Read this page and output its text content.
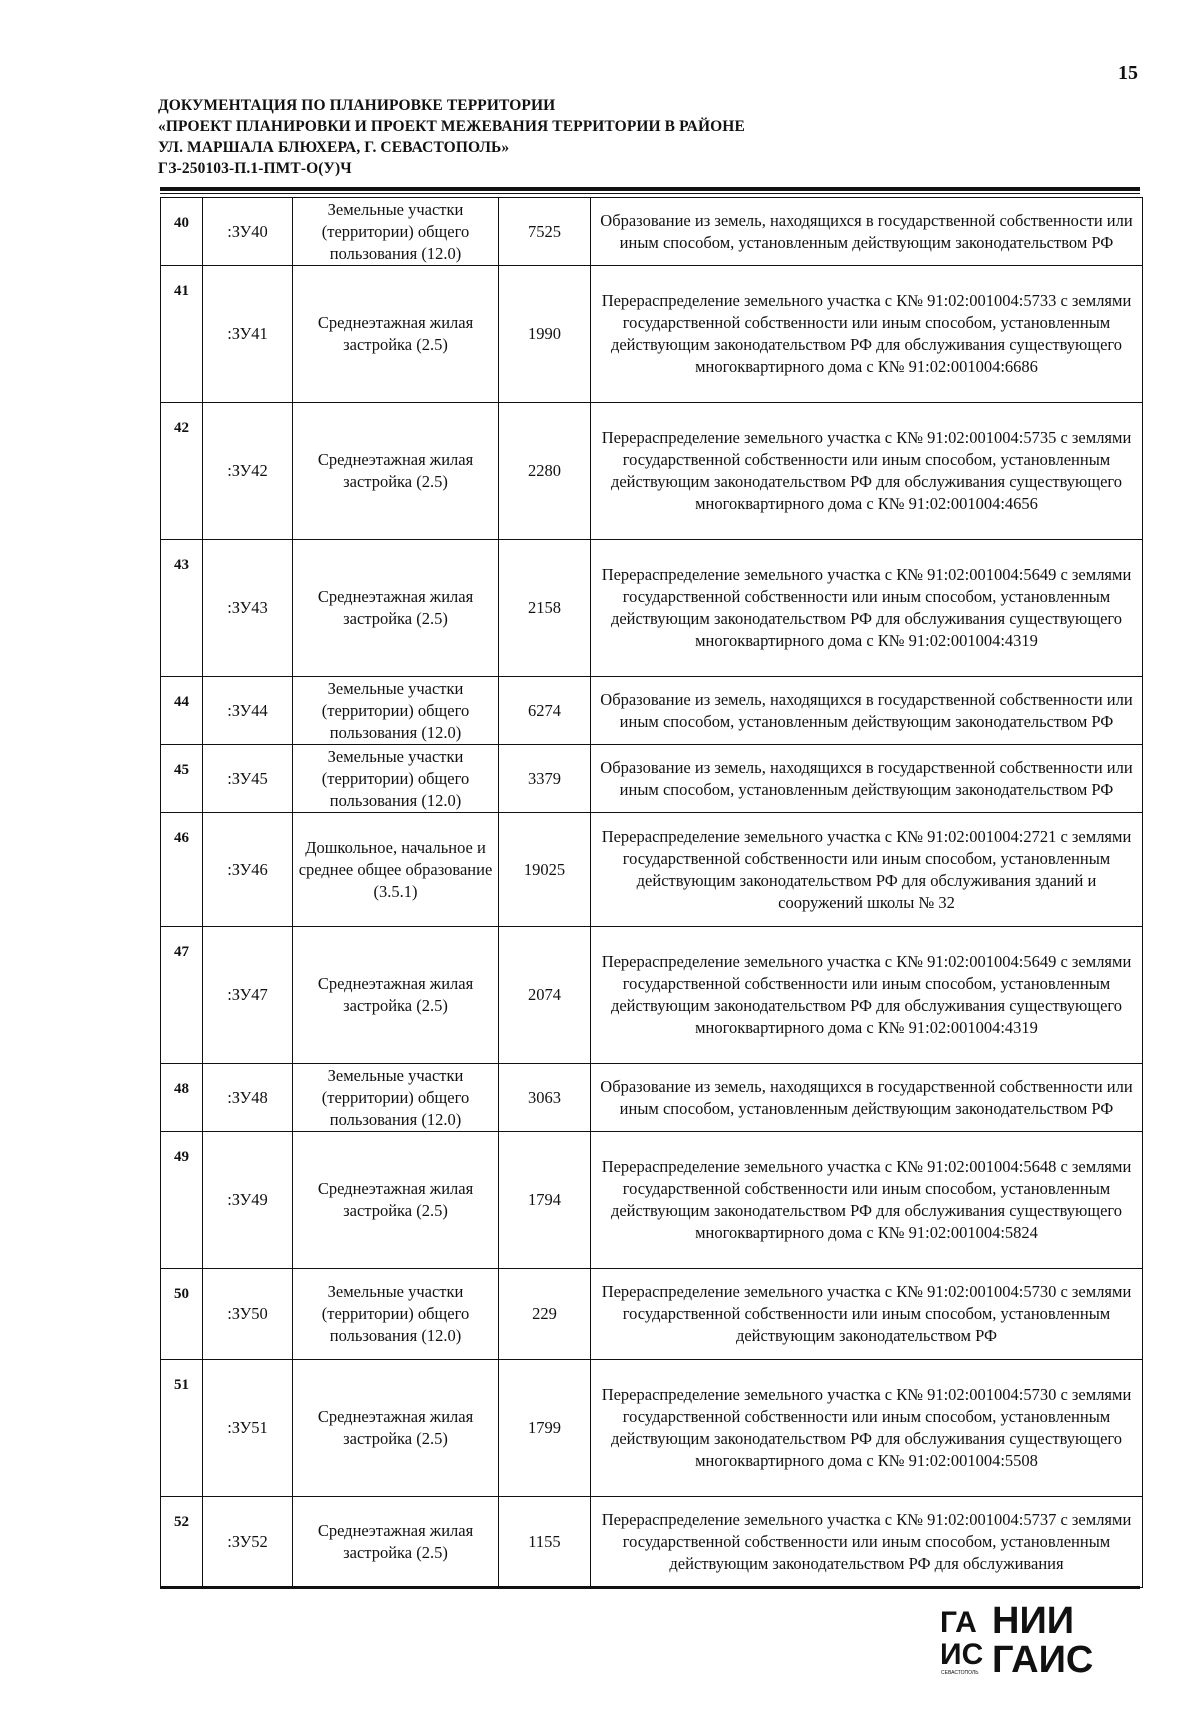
15
ДОКУМЕНТАЦИЯ ПО ПЛАНИРОВКЕ ТЕРРИТОРИИ
«ПРОЕКТ ПЛАНИРОВКИ И ПРОЕКТ МЕЖЕВАНИЯ ТЕРРИТОРИИ В РАЙОНЕ
УЛ. МАРШАЛА БЛЮХЕРА, Г. СЕВАСТОПОЛЬ»
ГЗ-250103-П.1-ПМТ-О(У)Ч
40	:ЗУ40	Земельные участки (территории) общего пользования (12.0)	7525	Образование из земель, находящихся в государственной собственности или иным способом, установленным действующим законодательством РФ
41	:ЗУ41	Среднеэтажная жилая застройка (2.5)	1990	Перераспределение земельного участка с К№ 91:02:001004:5733 с землями государственной собственности или иным способом, установленным действующим законодательством РФ для обслуживания существующего многоквартирного дома с К№ 91:02:001004:6686
42	:ЗУ42	Среднеэтажная жилая застройка (2.5)	2280	Перераспределение земельного участка с К№ 91:02:001004:5735 с землями государственной собственности или иным способом, установленным действующим законодательством РФ для обслуживания существующего многоквартирного дома с К№ 91:02:001004:4656
43	:ЗУ43	Среднеэтажная жилая застройка (2.5)	2158	Перераспределение земельного участка с К№ 91:02:001004:5649 с землями государственной собственности или иным способом, установленным действующим законодательством РФ для обслуживания существующего многоквартирного дома с К№ 91:02:001004:4319
44	:ЗУ44	Земельные участки (территории) общего пользования (12.0)	6274	Образование из земель, находящихся в государственной собственности или иным способом, установленным действующим законодательством РФ
45	:ЗУ45	Земельные участки (территории) общего пользования (12.0)	3379	Образование из земель, находящихся в государственной собственности или иным способом, установленным действующим законодательством РФ
46	:ЗУ46	Дошкольное, начальное и среднее общее образование (3.5.1)	19025	Перераспределение земельного участка с К№ 91:02:001004:2721 с землями государственной собственности или иным способом, установленным действующим законодательством РФ для обслуживания зданий и сооружений школы № 32
47	:ЗУ47	Среднеэтажная жилая застройка (2.5)	2074	Перераспределение земельного участка с К№ 91:02:001004:5649 с землями государственной собственности или иным способом, установленным действующим законодательством РФ для обслуживания существующего многоквартирного дома с К№ 91:02:001004:4319
48	:ЗУ48	Земельные участки (территории) общего пользования (12.0)	3063	Образование из земель, находящихся в государственной собственности или иным способом, установленным действующим законодательством РФ
49	:ЗУ49	Среднеэтажная жилая застройка (2.5)	1794	Перераспределение земельного участка с К№ 91:02:001004:5648 с землями государственной собственности или иным способом, установленным действующим законодательством РФ для обслуживания существующего многоквартирного дома с К№ 91:02:001004:5824
50	:ЗУ50	Земельные участки (территории) общего пользования (12.0)	229	Перераспределение земельного участка с К№ 91:02:001004:5730 с землями государственной собственности или иным способом, установленным действующим законодательством РФ
51	:ЗУ51	Среднеэтажная жилая застройка (2.5)	1799	Перераспределение земельного участка с К№ 91:02:001004:5730 с землями государственной собственности или иным способом, установленным действующим законодательством РФ для обслуживания существующего многоквартирного дома с К№ 91:02:001004:5508
52	:ЗУ52	Среднеэтажная жилая застройка (2.5)	1155	Перераспределение земельного участка с К№ 91:02:001004:5737 с землями государственной собственности или иным способом, установленным действующим законодательством РФ для обслуживания
ГА
ИС
СЕВАСТОПОЛЬ
НИИ
ГАИС
